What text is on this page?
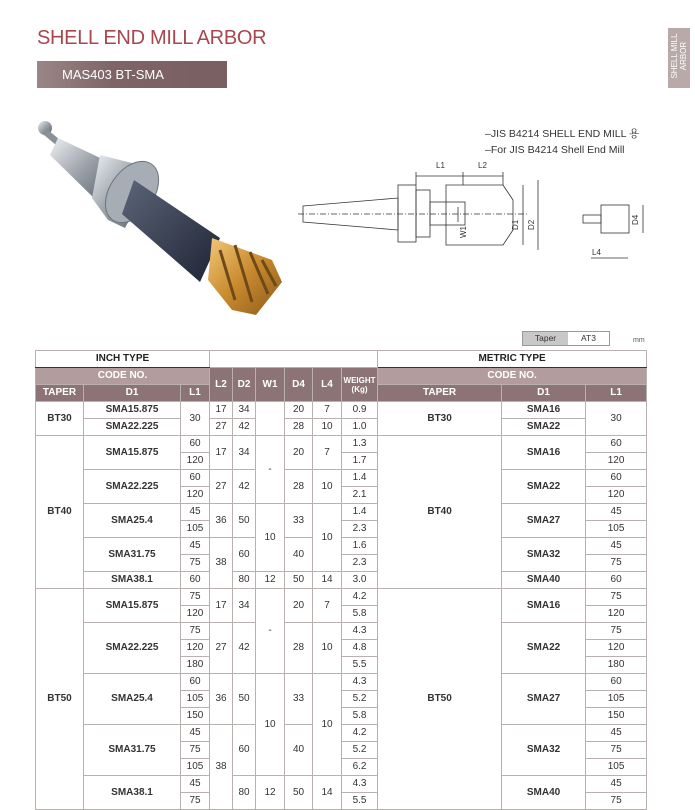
SHELL END MILL ARBOR
MAS403 BT-SMA	SHELL MILL ARBOR
–JIS B4214 SHELL END MILL 용
–For JIS B4214 Shell End Mill
L1	L2
D1 D2
W1
D4
L4
Taper	AT3	mm
INCH TYPE									METRIC TYPE		
CODE NO.			L2	D2	W1	D4	L4	WEIGHT
(Kg)	CODE NO.		
TAPER	D1	L1							TAPER	D1	L1
BT30	SMA15.875	30	17	34		20	7	0.9	BT30	SMA16	30
	SMA22.225		27	42		28	10	1.0		SMA22	
BT40	SMA15.875	60	17	34	-	20	7	1.3	BT40	SMA16	60
		120						1.7			120
	SMA22.225	60	27	42		28	10	1.4		SMA22	60
		120						2.1			120
	SMA25.4	45	36	50	10	33	10	1.4		SMA27	45
		105						2.3			105
	SMA31.75	45	38	60		40		1.6		SMA32	45
		75						2.3			75
	SMA38.1	60		80	12	50	14	3.0		SMA40	60
BT50	SMA15.875	75	17	34	-	20	7	4.2	BT50	SMA16	75
		120						5.8			120
	SMA22.225	75	27	42		28	10	4.3		SMA22	75
		120						4.8			120
		180						5.5			180
	SMA25.4	60	36	50	10	33	10	4.3		SMA27	60
		105						5.2			105
		150						5.8			150
	SMA31.75	45	38	60		40		4.2		SMA32	45
		75						5.2			75
		105						6.2			105
	SMA38.1	45		80	12	50	14	4.3		SMA40	45
		75						5.5			75
